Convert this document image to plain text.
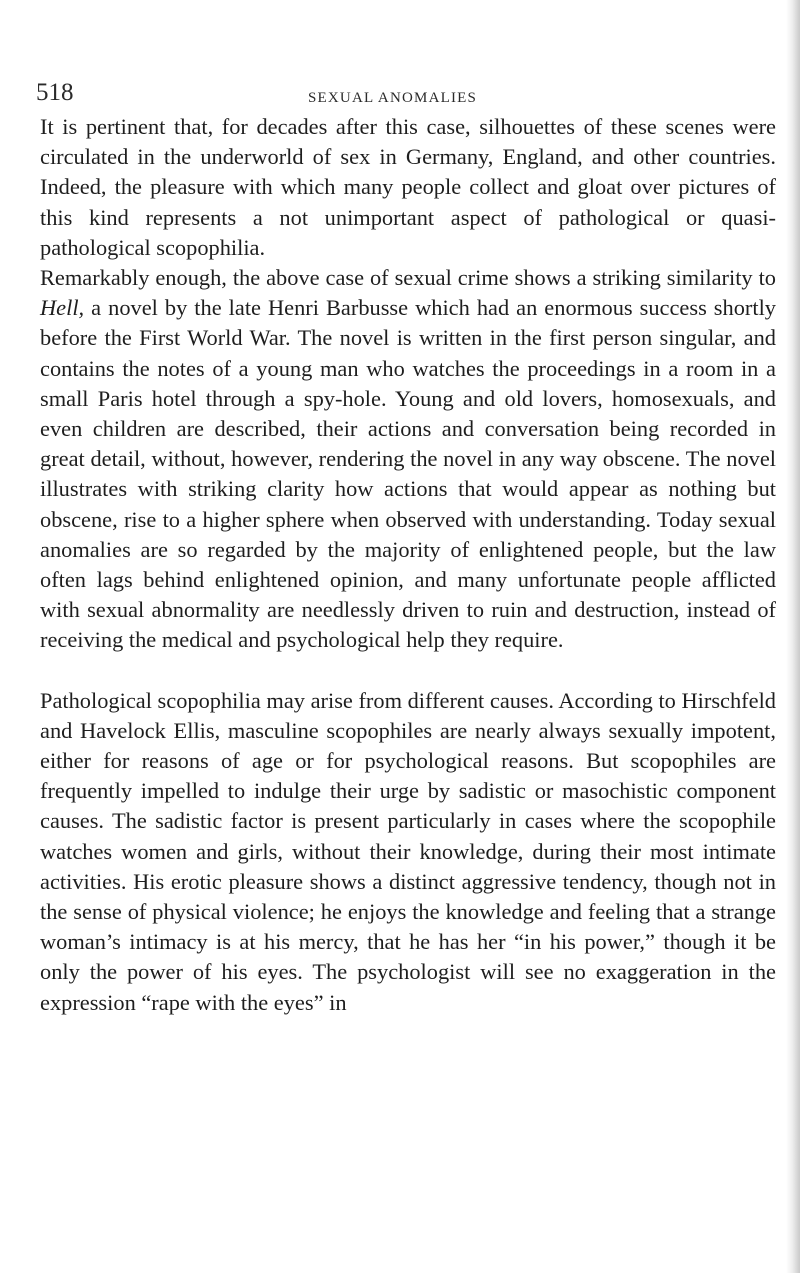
518	SEXUAL ANOMALIES

It is pertinent that, for decades after this case, silhouettes of these scenes were circulated in the underworld of sex in Germany, England, and other countries. Indeed, the pleasure with which many people collect and gloat over pictures of this kind represents a not unimportant aspect of pathological or quasi-pathological scopophilia.

Remarkably enough, the above case of sexual crime shows a striking similarity to Hell, a novel by the late Henri Barbusse which had an enormous success shortly before the First World War. The novel is written in the first person singular, and contains the notes of a young man who watches the proceedings in a room in a small Paris hotel through a spy-hole. Young and old lovers, homosexuals, and even children are described, their actions and conversation being recorded in great detail, without, however, rendering the novel in any way obscene. The novel illustrates with striking clarity how actions that would appear as nothing but obscene, rise to a higher sphere when observed with understanding. Today sexual anomalies are so regarded by the majority of enlightened people, but the law often lags behind enlightened opinion, and many unfortunate people afflicted with sexual abnormality are needlessly driven to ruin and destruction, instead of receiving the medical and psychological help they require.

Pathological scopophilia may arise from different causes. According to Hirschfeld and Havelock Ellis, masculine scopophiles are nearly always sexually impotent, either for reasons of age or for psychological reasons. But scopophiles are frequently impelled to indulge their urge by sadistic or masochistic component causes. The sadistic factor is present particularly in cases where the scopophile watches women and girls, without their knowledge, during their most intimate activities. His erotic pleasure shows a distinct aggressive tendency, though not in the sense of physical violence; he enjoys the knowledge and feeling that a strange woman’s intimacy is at his mercy, that he has her “in his power,” though it be only the power of his eyes. The psychologist will see no exaggeration in the expression “rape with the eyes” in
